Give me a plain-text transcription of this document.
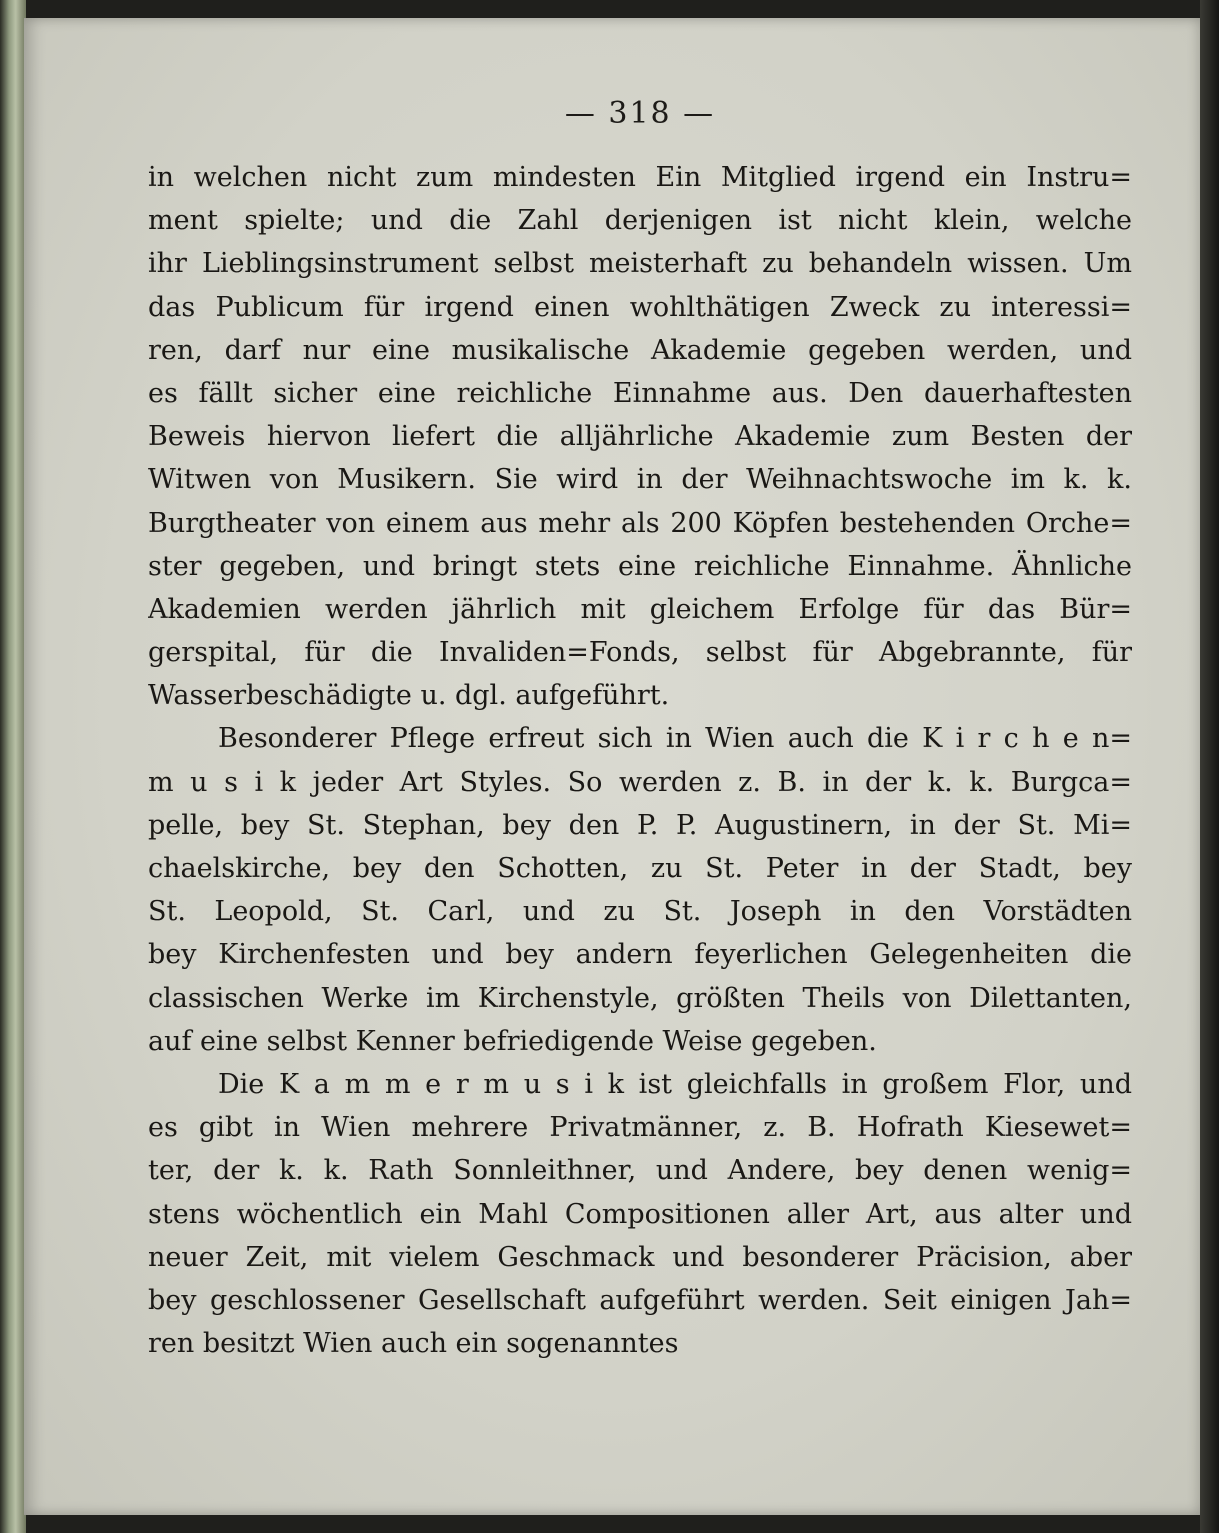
— 318 —
in welchen nicht zum mindesten Ein Mitglied irgend ein Instru=
ment spielte; und die Zahl derjenigen ist nicht klein, welche
ihr Lieblingsinstrument selbst meisterhaft zu behandeln wissen. Um
das Publicum für irgend einen wohlthätigen Zweck zu interessi=
ren, darf nur eine musikalische Akademie gegeben werden, und
es fällt sicher eine reichliche Einnahme aus. Den dauerhaftesten
Beweis hiervon liefert die alljährliche Akademie zum Besten der
Witwen von Musikern. Sie wird in der Weihnachtswoche im k. k.
Burgtheater von einem aus mehr als 200 Köpfen bestehenden Orche=
ster gegeben, und bringt stets eine reichliche Einnahme. Ähnliche
Akademien werden jährlich mit gleichem Erfolge für das Bür=
gerspital, für die Invaliden=Fonds, selbst für Abgebrannte, für
Wasserbeschädigte u. dgl. aufgeführt.
Besonderer Pflege erfreut sich in Wien auch die K i r c h e n=
m u s i k jeder Art Styles. So werden z. B. in der k. k. Burgca=
pelle, bey St. Stephan, bey den P. P. Augustinern, in der St. Mi=
chaelskirche, bey den Schotten, zu St. Peter in der Stadt, bey
St. Leopold, St. Carl, und zu St. Joseph in den Vorstädten
bey Kirchenfesten und bey andern feyerlichen Gelegenheiten die
classischen Werke im Kirchenstyle, größten Theils von Dilettanten,
auf eine selbst Kenner befriedigende Weise gegeben.
Die K a m m e r m u s i k ist gleichfalls in großem Flor, und
es gibt in Wien mehrere Privatmänner, z. B. Hofrath Kiesewet=
ter, der k. k. Rath Sonnleithner, und Andere, bey denen wenig=
stens wöchentlich ein Mahl Compositionen aller Art, aus alter und
neuer Zeit, mit vielem Geschmack und besonderer Präcision, aber
bey geschlossener Gesellschaft aufgeführt werden. Seit einigen Jah=
ren besitzt Wien auch ein sogenanntes
